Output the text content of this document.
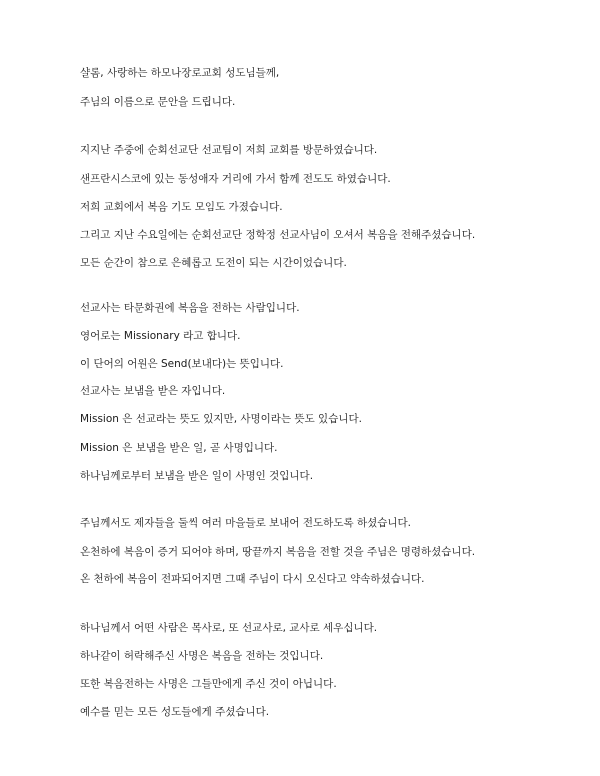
샬롬, 사랑하는 하모나장로교회 성도님들께,

주님의 이름으로 문안을 드립니다.

지지난 주중에 순회선교단 선교팀이 저희 교회를 방문하였습니다.

샌프란시스코에 있는 동성애자 거리에 가서 함께 전도도 하였습니다.

저희 교회에서 복음 기도 모임도 가졌습니다.

그리고 지난 수요일에는 순회선교단 정학정 선교사님이 오셔서 복음을 전해주셨습니다.

모든 순간이 참으로 은혜롭고 도전이 되는 시간이었습니다.

선교사는 타문화권에 복음을 전하는 사람입니다.

영어로는 Missionary 라고 합니다.

이 단어의 어원은 Send(보내다)는 뜻입니다.

선교사는 보냄을 받은 자입니다.

Mission 은 선교라는 뜻도 있지만, 사명이라는 뜻도 있습니다.

Mission 은 보냄을 받은 일, 곧 사명입니다.

하나님께로부터 보냄을 받은 일이 사명인 것입니다.

주님께서도 제자들을 둘씩 여러 마을들로 보내어 전도하도록 하셨습니다.

온천하에 복음이 증거 되어야 하며, 땅끝까지 복음을 전할 것을 주님은 명령하셨습니다.

온 천하에 복음이 전파되어지면 그때 주님이 다시 오신다고 약속하셨습니다.

하나님께서 어떤 사람은 목사로, 또 선교사로, 교사로 세우십니다.

하나같이 허락해주신 사명은 복음을 전하는 것입니다.

또한 복음전하는 사명은 그들만에게 주신 것이 아닙니다.

예수를 믿는 모든 성도들에게 주셨습니다.
